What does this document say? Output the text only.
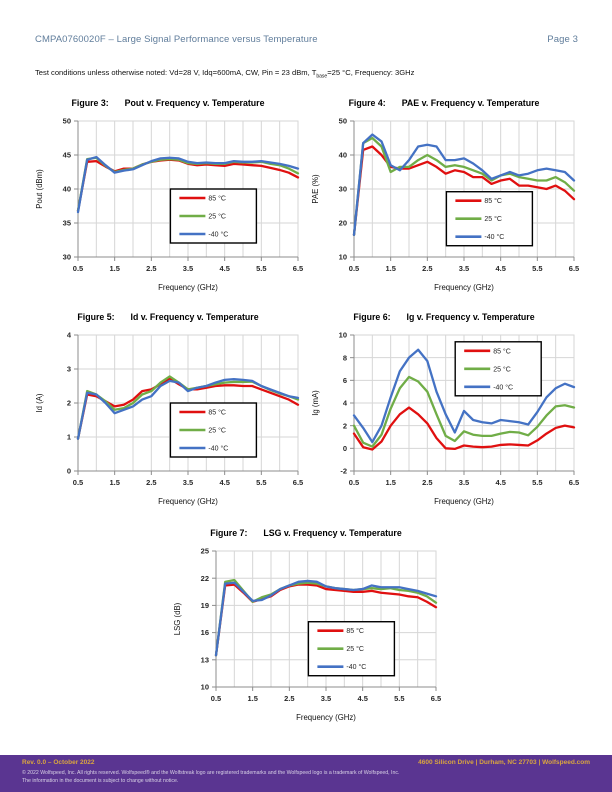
CMPA0760020F – Large Signal Performance versus Temperature	Page 3
Test conditions unless otherwise noted: Vd=28 V, Idq=600mA, CW, Pin = 23 dBm, $T_{base}=25$ °C, Frequency: 3GHz
Figure 3: Pout v. Frequency v. Temperature
0.5	1.5	2.5	3.5	4.5	5.5	6.5
30
35
40
45
50
Frequency (GHz)
Pout (dBm)	85 °C
25 °C
-40 °C
Figure 4: PAE v. Frequency v. Temperature
0.5	1.5	2.5	3.5	4.5	5.5	6.5
10
20
30
40
50
Frequency (GHz)
PAE (%)	85 °C
25 °C
-40 °C
Figure 5: Id v. Frequency v. Temperature
0.5	1.5	2.5	3.5	4.5	5.5	6.5
0
1
2
3
4
Frequency (GHz)
Id (A)
85 °C
25 °C
-40 °C
Figure 6: Ig v. Frequency v. Temperature
0.5	1.5	2.5	3.5	4.5	5.5	6.5
-2
0
2
4
6
8
10
Frequency (GHz)
Ig (mA)
85 °C
25 °C
-40 °C
Figure 7: LSG v. Frequency v. Temperature
0.5	1.5	2.5	3.5	4.5	5.5	6.5
10
13
16
19
22
25
Frequency (GHz)
LSG (dB)	85 °C
25 °C
-40 °C
Rev. 0.0 – October 2022	4600 Silicon Drive | Durham, NC 27703 | Wolfspeed.com
© 2022 Wolfspeed, Inc. All rights reserved. Wolfspeed® and the Wolfstreak logo are registered trademarks and the Wolfspeed logo is a trademark of Wolfspeed, Inc.
The information in the document is subject to change without notice.
